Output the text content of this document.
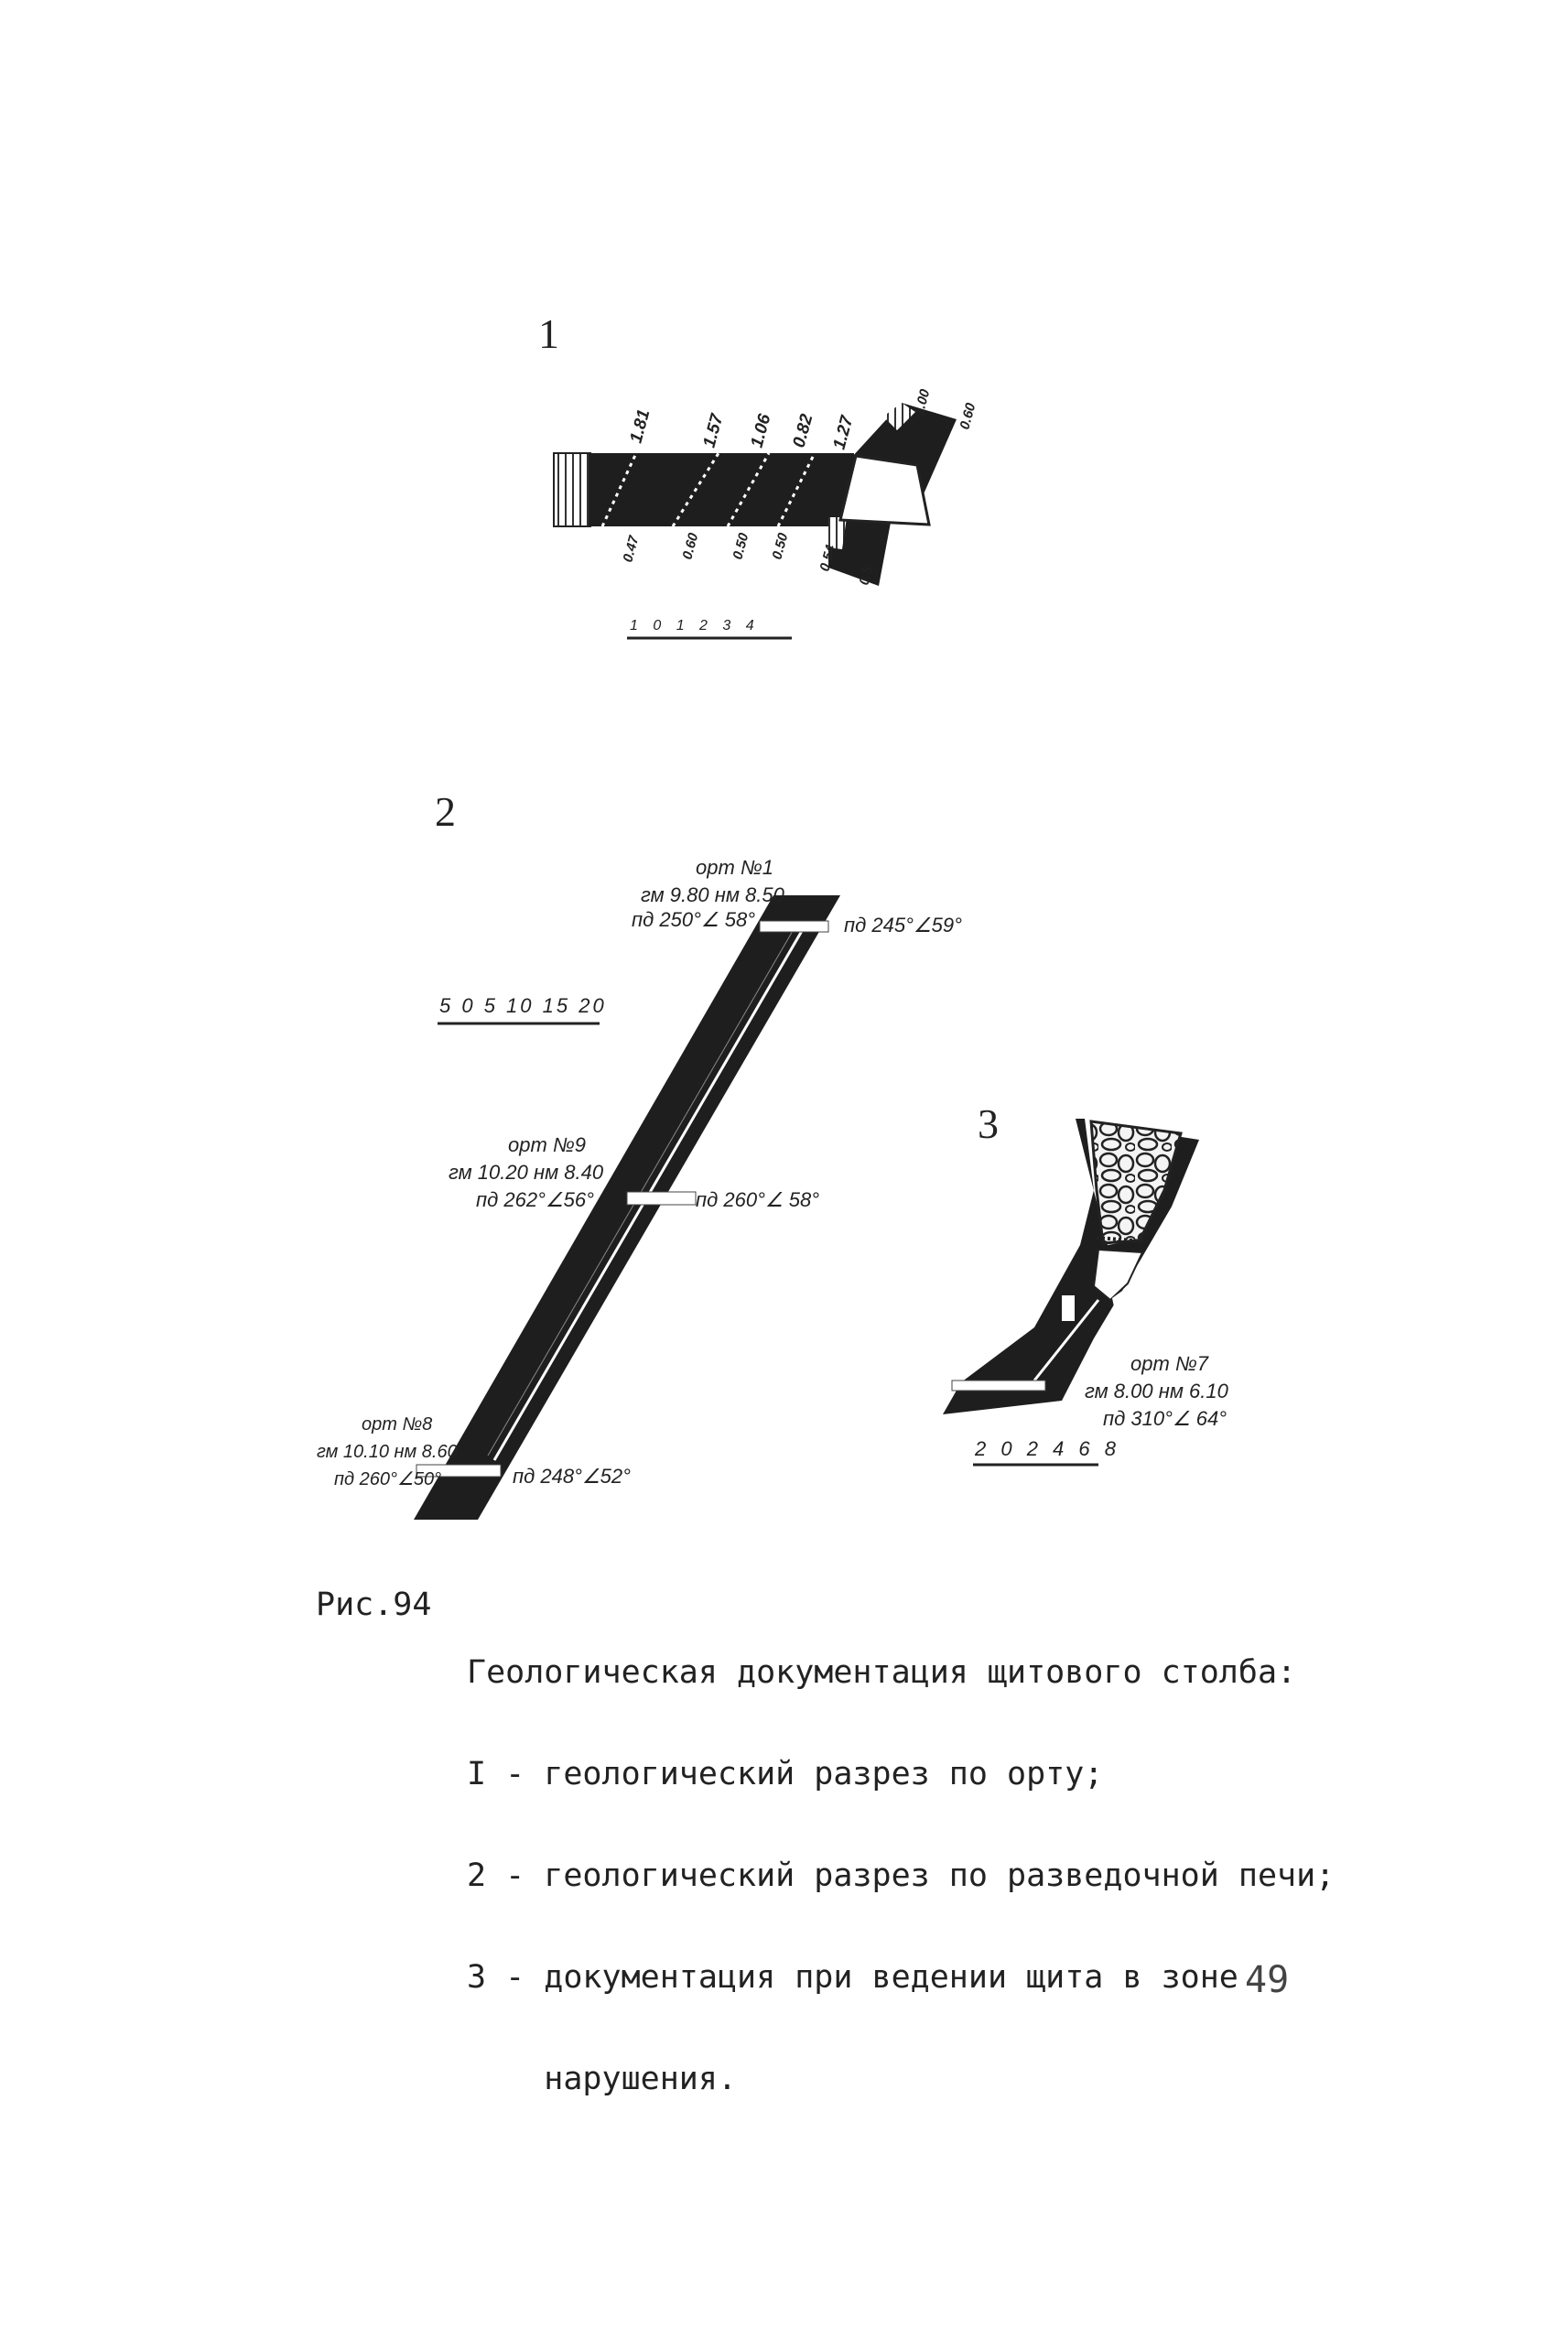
1
1.81	1.57 1.06 0.82 1.27
1.00 0.60
0.47	0.60 0.50 0.50 0.54
0.5
1 0 1 2 3 4
2
5 0 5 10 15 20
орт №1
гм 9.80 нм 8.50
пд 250°∠ 58°	пд 245°∠59°
орт №9
гм 10.20 нм 8.40
пд 262°∠56°	пд 260°∠ 58°
орт №8
гм 10.10 нм 8.60
пд 260°∠50°	пд 248°∠52°
3
орт №7
гм 8.00 нм 6.10
пд 310°∠ 64°
2 0 2 4 6 8

Рис.94

Геологическая документация щитового столба:

I - геологический разрез по орту;

2 - геологический разрез по разведочной печи;

3 - документация при ведении щита в зоне

нарушения.

49
